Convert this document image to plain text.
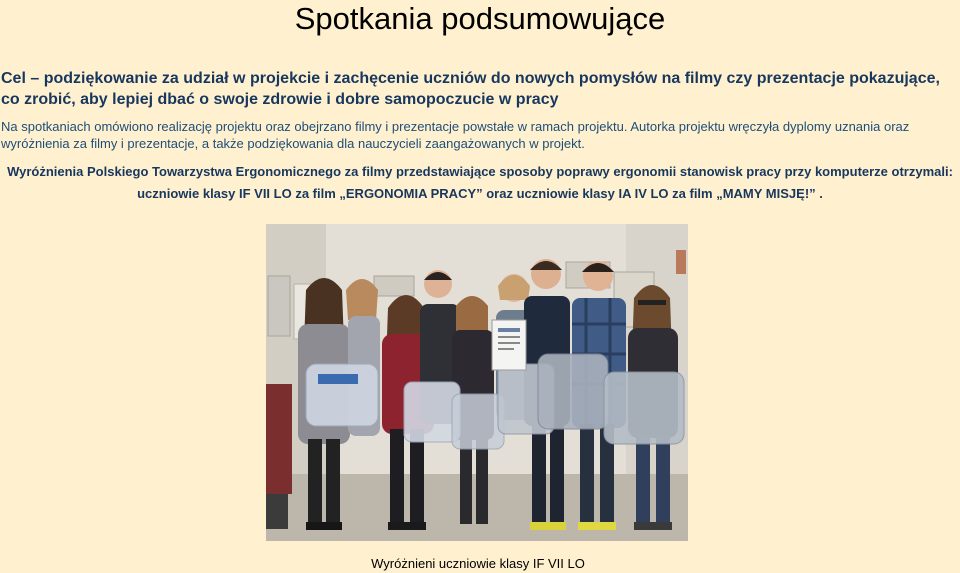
Spotkania podsumowujące
Cel – podziękowanie za udział w projekcie i zachęcenie uczniów do nowych pomysłów na filmy czy prezentacje pokazujące,
co zrobić, aby lepiej dbać o swoje zdrowie i dobre samopoczucie w pracy
Na spotkaniach omówiono realizację projektu oraz obejrzano filmy i prezentacje powstałe w ramach projektu. Autorka projektu wręczyła dyplomy uznania oraz wyróżnienia za filmy i prezentacje, a także podziękowania dla nauczycieli zaangażowanych w projekt.
Wyróżnienia Polskiego Towarzystwa Ergonomicznego za filmy przedstawiające sposoby poprawy ergonomii stanowisk pracy przy komputerze otrzymali:
uczniowie klasy IF VII LO za film „ERGONOMIA PRACY” oraz uczniowie klasy IA IV LO za film „MAMY MISJĘ!” .
Wyróżnieni uczniowie klasy IF VII LO
